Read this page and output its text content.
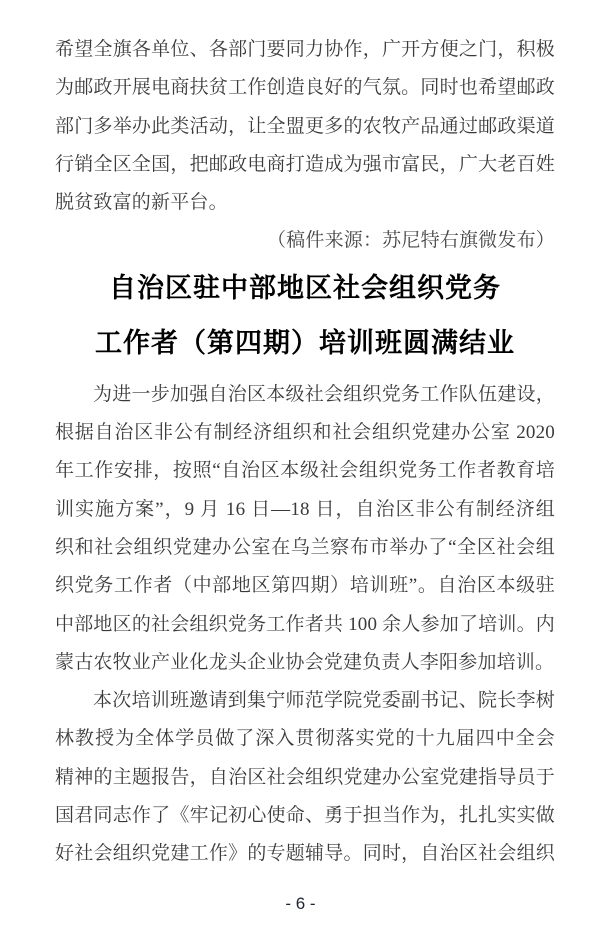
希望全旗各单位、各部门要同力协作，广开方便之门，积极
为邮政开展电商扶贫工作创造良好的气氛。同时也希望邮政
部门多举办此类活动，让全盟更多的农牧产品通过邮政渠道
行销全区全国，把邮政电商打造成为强市富民，广大老百姓
脱贫致富的新平台。
（稿件来源：苏尼特右旗微发布）
自治区驻中部地区社会组织党务
工作者（第四期）培训班圆满结业
为进一步加强自治区本级社会组织党务工作队伍建设，
根据自治区非公有制经济组织和社会组织党建办公室 2020
年工作安排，按照“自治区本级社会组织党务工作者教育培
训实施方案”，9 月 16 日—18 日，自治区非公有制经济组
织和社会组织党建办公室在乌兰察布市举办了“全区社会组
织党务工作者（中部地区第四期）培训班”。自治区本级驻
中部地区的社会组织党务工作者共 100 余人参加了培训。内
蒙古农牧业产业化龙头企业协会党建负责人李阳参加培训。
本次培训班邀请到集宁师范学院党委副书记、院长李树
林教授为全体学员做了深入贯彻落实党的十九届四中全会
精神的主题报告，自治区社会组织党建办公室党建指导员于
国君同志作了《牢记初心使命、勇于担当作为，扎扎实实做
好社会组织党建工作》的专题辅导。同时，自治区社会组织
- 6 -
